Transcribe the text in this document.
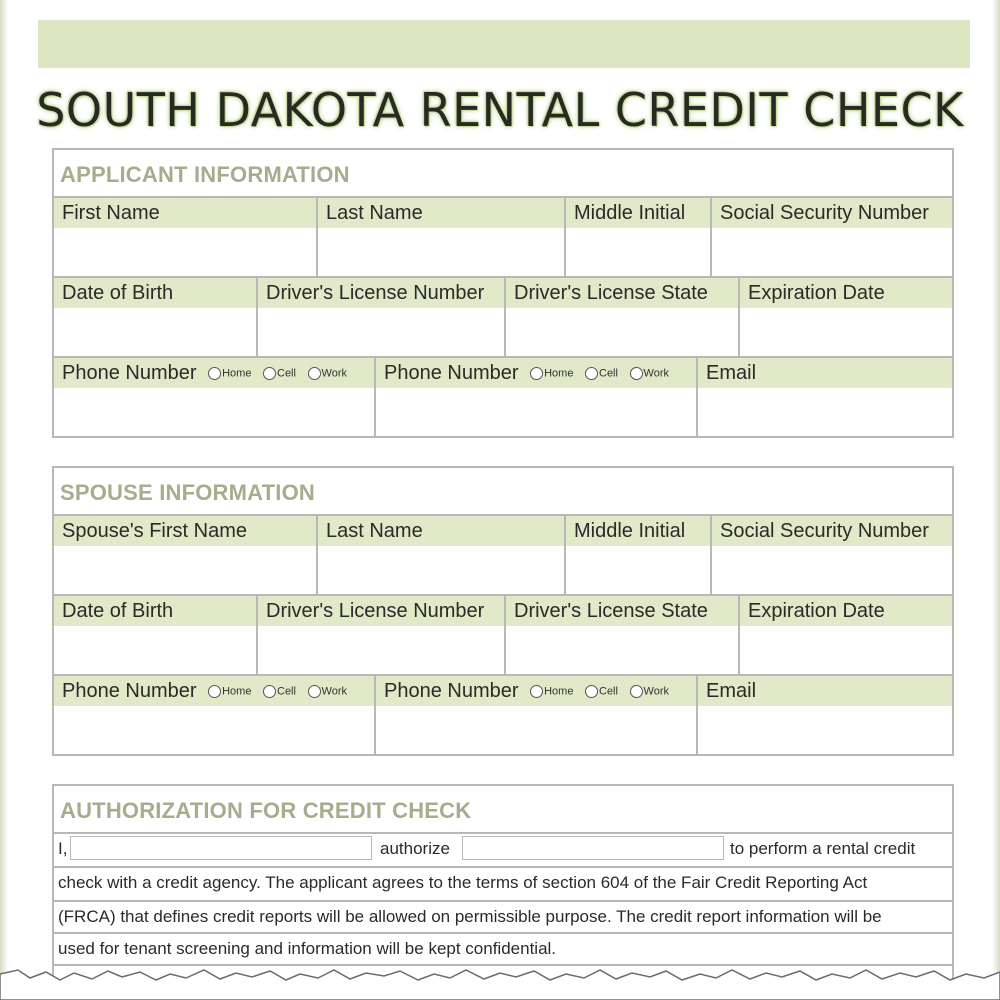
SOUTH DAKOTA RENTAL CREDIT CHECK
APPLICANT INFORMATION
First Name	Last Name	Middle Initial	Social Security Number
Date of Birth	Driver's License Number	Driver's License State	Expiration Date
Phone Number Home Cell Work	Phone Number Home Cell Work	Email
SPOUSE INFORMATION
Spouse's First Name	Last Name	Middle Initial	Social Security Number
Date of Birth	Driver's License Number	Driver's License State	Expiration Date
Phone Number Home Cell Work	Phone Number Home Cell Work	Email
AUTHORIZATION FOR CREDIT CHECK
I,	authorize	to perform a rental credit
check with a credit agency. The applicant agrees to the terms of section 604 of the Fair Credit Reporting Act
(FRCA) that defines credit reports will be allowed on permissible purpose. The credit report information will be
used for tenant screening and information will be kept confidential.
